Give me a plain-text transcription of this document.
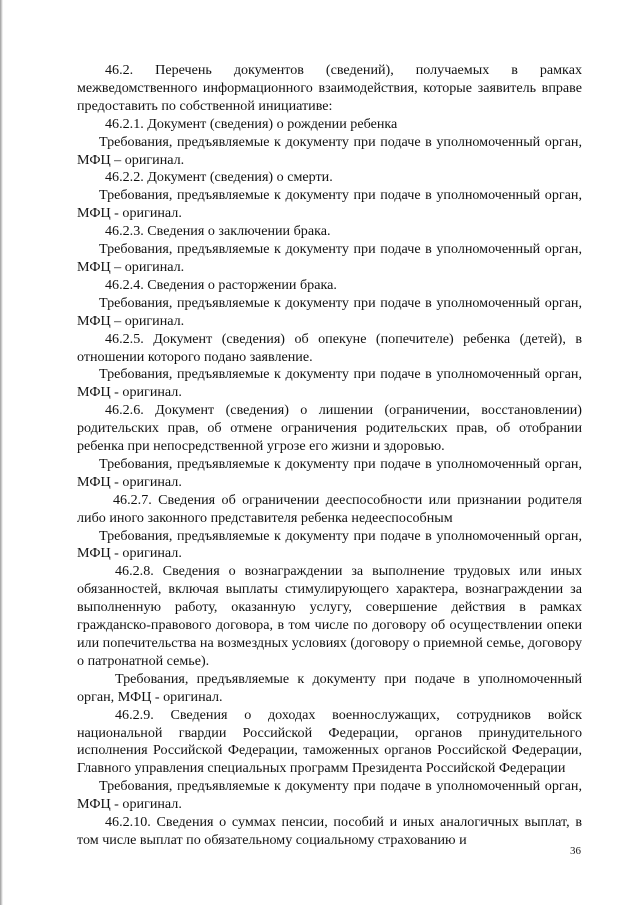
46.2. Перечень документов (сведений), получаемых в рамках межведомственного информационного взаимодействия, которые заявитель вправе предоставить по собственной инициативе:

46.2.1. Документ (сведения) о рождении ребенка

Требования, предъявляемые к документу при подаче в уполномоченный орган, МФЦ – оригинал.

46.2.2. Документ (сведения) о смерти.

Требования, предъявляемые к документу при подаче в уполномоченный орган, МФЦ - оригинал.

46.2.3. Сведения о заключении брака.

Требования, предъявляемые к документу при подаче в уполномоченный орган, МФЦ – оригинал.

46.2.4. Сведения о расторжении брака.

Требования, предъявляемые к документу при подаче в уполномоченный орган, МФЦ – оригинал.

46.2.5. Документ (сведения) об опекуне (попечителе) ребенка (детей), в отношении которого подано заявление.

Требования, предъявляемые к документу при подаче в уполномоченный орган, МФЦ - оригинал.

46.2.6. Документ (сведения) о лишении (ограничении, восстановлении) родительских прав, об отмене ограничения родительских прав, об отобрании ребенка при непосредственной угрозе его жизни и здоровью.

Требования, предъявляемые к документу при подаче в уполномоченный орган, МФЦ - оригинал.

46.2.7. Сведения об ограничении дееспособности или признании родителя либо иного законного представителя ребенка недееспособным

Требования, предъявляемые к документу при подаче в уполномоченный орган, МФЦ - оригинал.

46.2.8. Сведения о вознаграждении за выполнение трудовых или иных обязанностей, включая выплаты стимулирующего характера, вознаграждении за выполненную работу, оказанную услугу, совершение действия в рамках гражданско-правового договора, в том числе по договору об осуществлении опеки или попечительства на возмездных условиях (договору о приемной семье, договору о патронатной семье).

Требования, предъявляемые к документу при подаче в уполномоченный орган, МФЦ - оригинал.

46.2.9. Сведения о доходах военнослужащих, сотрудников войск национальной гвардии Российской Федерации, органов принудительного исполнения Российской Федерации, таможенных органов Российской Федерации, Главного управления специальных программ Президента Российской Федерации

Требования, предъявляемые к документу при подаче в уполномоченный орган, МФЦ - оригинал.

46.2.10. Сведения о суммах пенсии, пособий и иных аналогичных выплат, в том числе выплат по обязательному социальному страхованию и

36
